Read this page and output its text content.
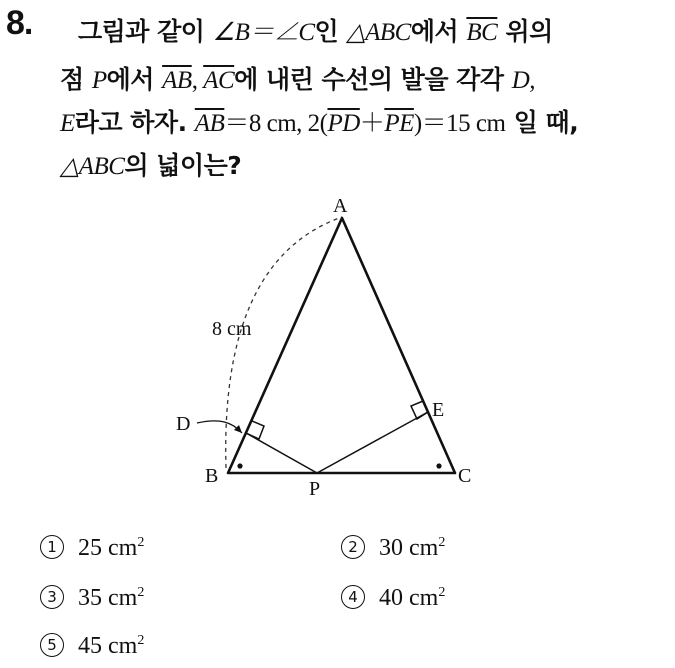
8. 그림과 같이 ∠B＝∠C인 △ABC에서 $\overline{BC}$ 위의
점 P에서 $\overline{AB}$, $\overline{AC}$에 내린 수선의 발을 각각 D,
E라고 하자. $\overline{AB}=8$ cm, $2(\overline{PD}+\overline{PE})=15$ cm 일 때,
△ABC의 넓이는?
A
B	C
D
E
P
8 cm
1 25 $cm^2$	2 30 $cm^2$
3 35 $cm^2$	4 40 $cm^2$
5 45 $cm^2$
